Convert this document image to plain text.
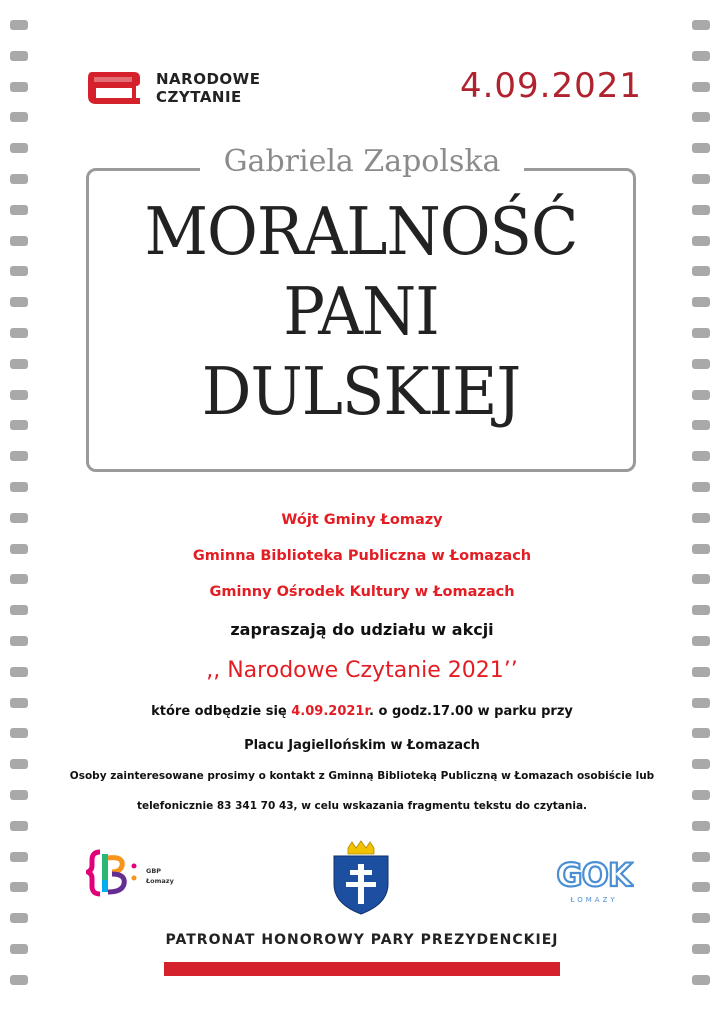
NARODOWE
CZYTANIE	4.09.2021
Gabriela Zapolska
MORALNOŚĆ
PANI
DULSKIEJ
Wójt Gminy Łomazy
Gminna Biblioteka Publiczna w Łomazach
Gminny Ośrodek Kultury w Łomazach
zapraszają do udziału w akcji
,, Narodowe Czytanie 2021’’
które odbędzie się 4.09.2021r. o godz.17.00 w parku przy
Placu Jagiellońskim w Łomazach
Osoby zainteresowane prosimy o kontakt z Gminną Biblioteką Publiczną w Łomazach osobiście lub
telefonicznie 83 341 70 43, w celu wskazania fragmentu tekstu do czytania.
GBP
Łomazy	GOK
ŁOMAZY
PATRONAT HONOROWY PARY PREZYDENCKIEJ
